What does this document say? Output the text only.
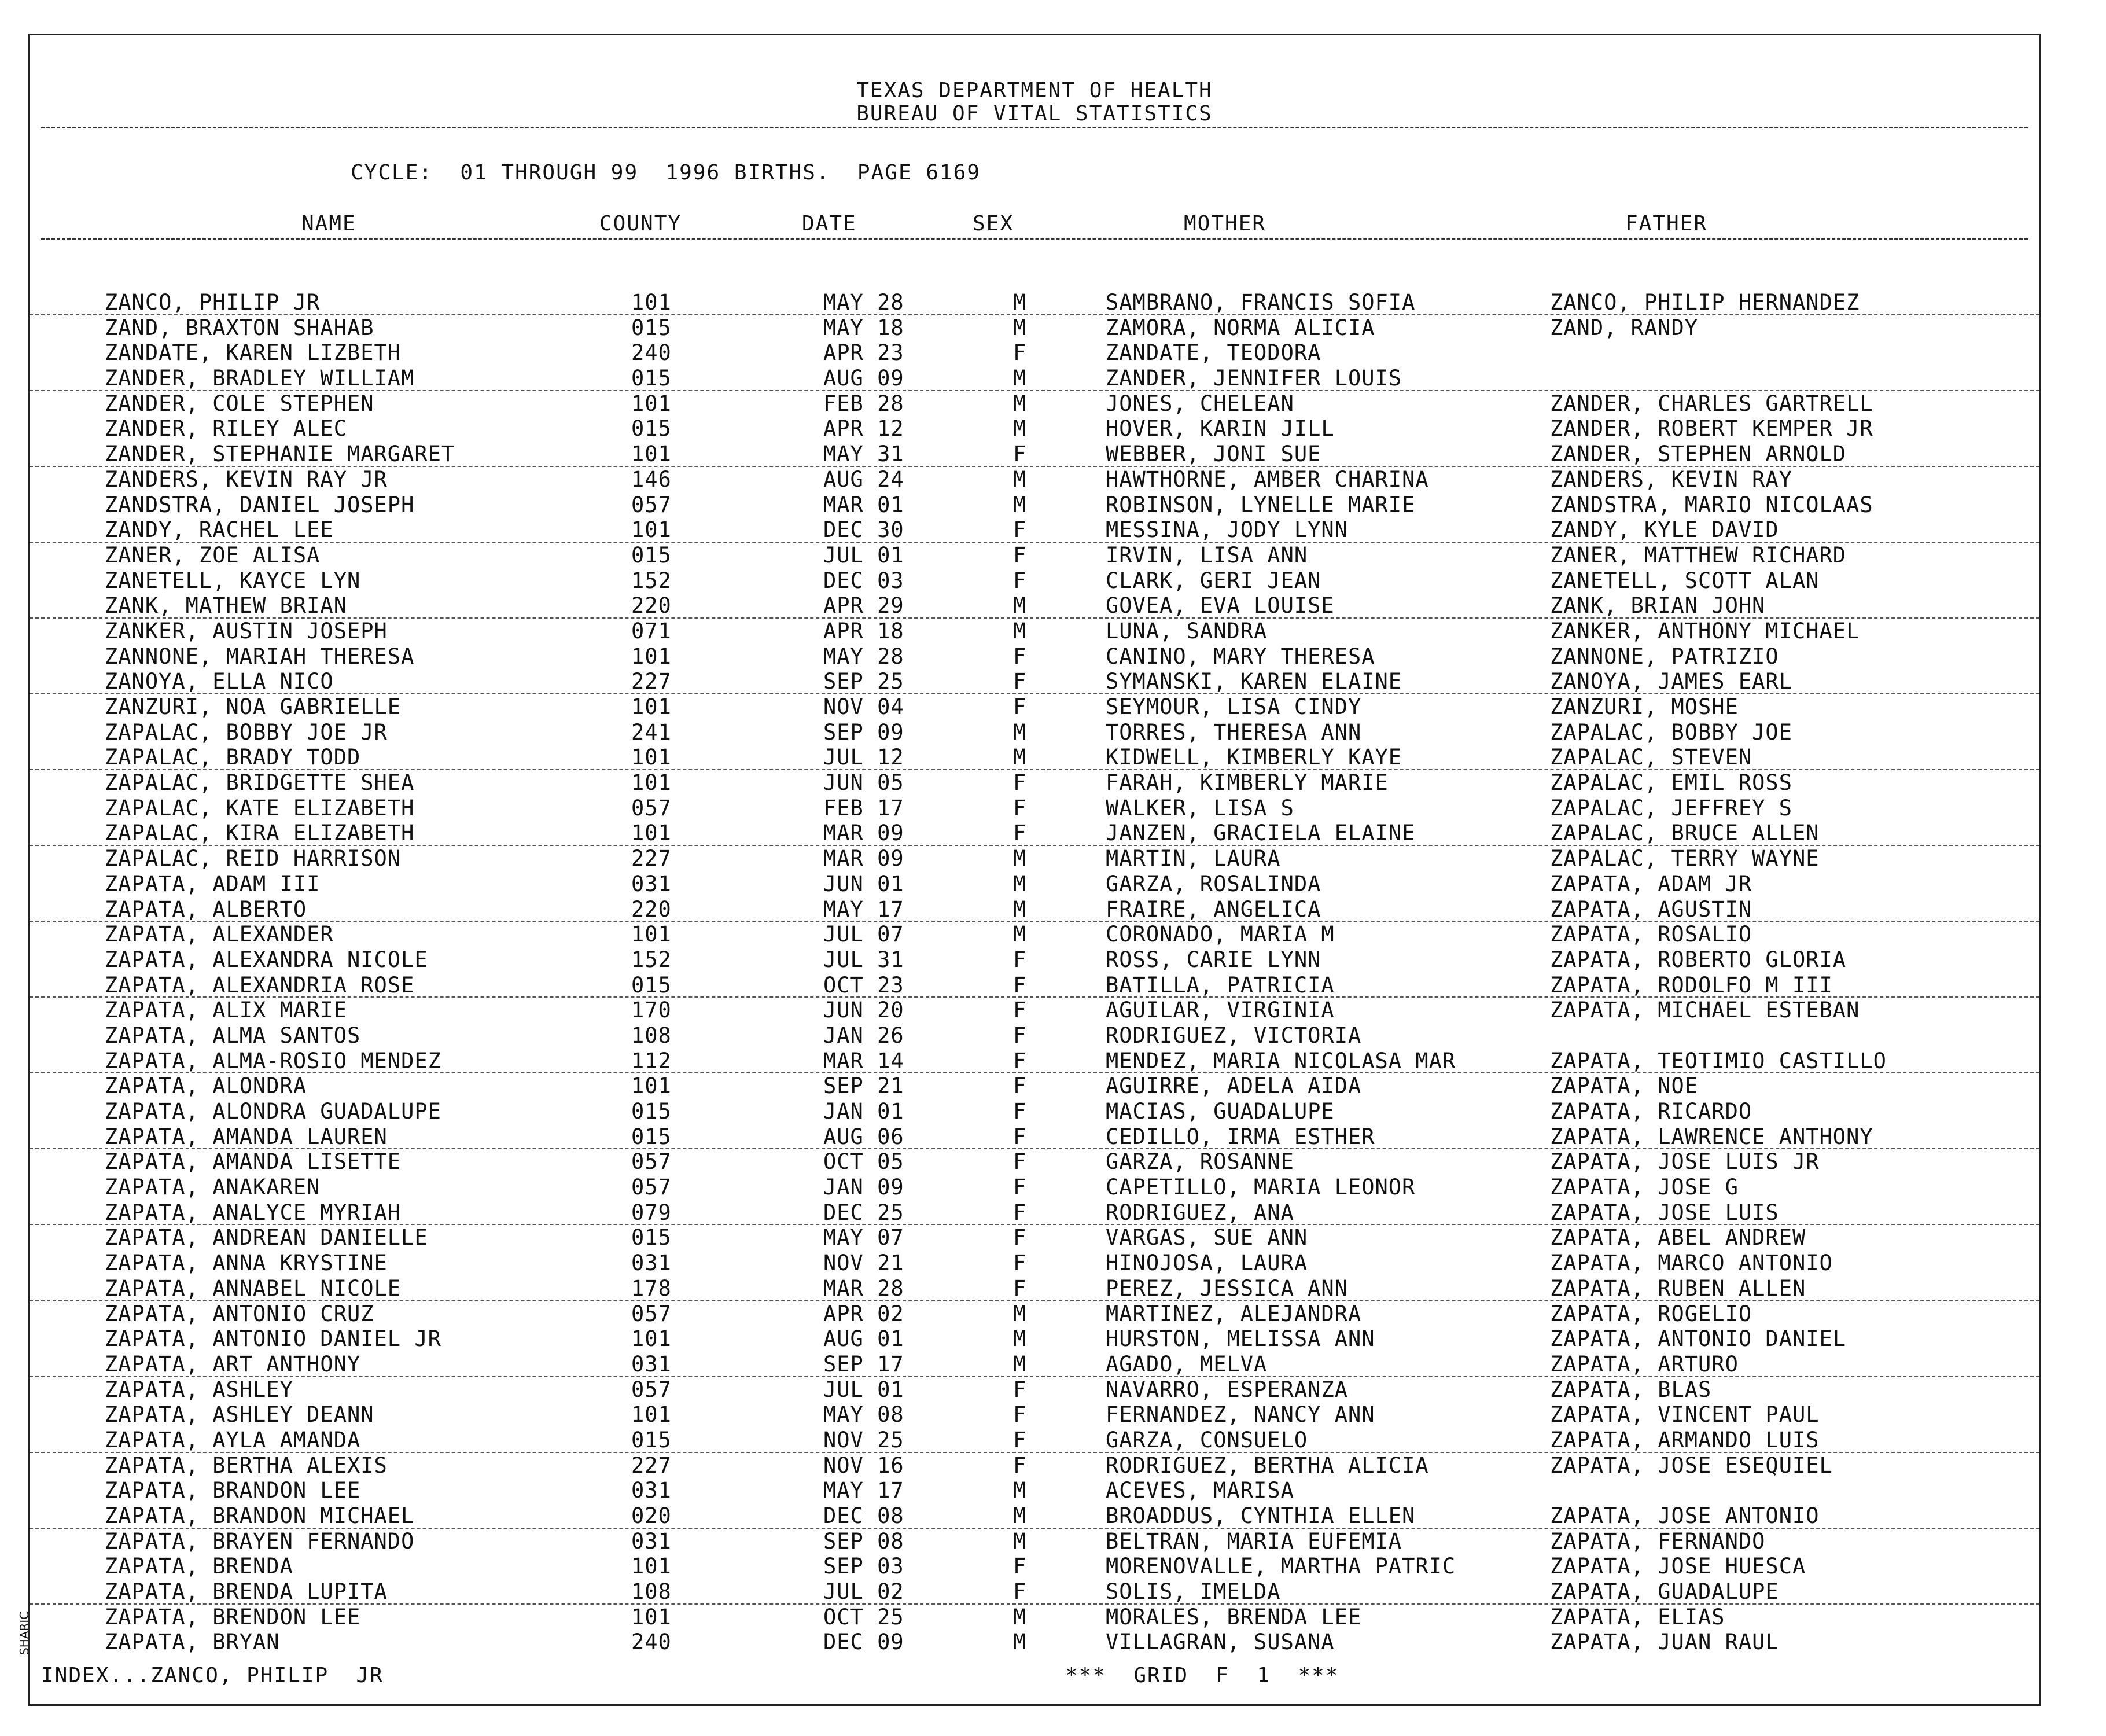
SHARIC
TEXAS DEPARTMENT OF HEALTH
BUREAU OF VITAL STATISTICS
CYCLE:  01 THROUGH 99  1996 BIRTHS.  PAGE 6169
NAME	COUNTY	DATE	SEX	MOTHER	FATHER
ZANCO, PHILIP JR	101	MAY 28	M	SAMBRANO, FRANCIS SOFIA	ZANCO, PHILIP HERNANDEZ
ZAND, BRAXTON SHAHAB	015	MAY 18	M	ZAMORA, NORMA ALICIA	ZAND, RANDY
ZANDATE, KAREN LIZBETH	240	APR 23	F	ZANDATE, TEODORA
ZANDER, BRADLEY WILLIAM	015	AUG 09	M	ZANDER, JENNIFER LOUIS
ZANDER, COLE STEPHEN	101	FEB 28	M	JONES, CHELEAN	ZANDER, CHARLES GARTRELL
ZANDER, RILEY ALEC	015	APR 12	M	HOVER, KARIN JILL	ZANDER, ROBERT KEMPER JR
ZANDER, STEPHANIE MARGARET	101	MAY 31	F	WEBBER, JONI SUE	ZANDER, STEPHEN ARNOLD
ZANDERS, KEVIN RAY JR	146	AUG 24	M	HAWTHORNE, AMBER CHARINA	ZANDERS, KEVIN RAY
ZANDSTRA, DANIEL JOSEPH	057	MAR 01	M	ROBINSON, LYNELLE MARIE	ZANDSTRA, MARIO NICOLAAS
ZANDY, RACHEL LEE	101	DEC 30	F	MESSINA, JODY LYNN	ZANDY, KYLE DAVID
ZANER, ZOE ALISA	015	JUL 01	F	IRVIN, LISA ANN	ZANER, MATTHEW RICHARD
ZANETELL, KAYCE LYN	152	DEC 03	F	CLARK, GERI JEAN	ZANETELL, SCOTT ALAN
ZANK, MATHEW BRIAN	220	APR 29	M	GOVEA, EVA LOUISE	ZANK, BRIAN JOHN
ZANKER, AUSTIN JOSEPH	071	APR 18	M	LUNA, SANDRA	ZANKER, ANTHONY MICHAEL
ZANNONE, MARIAH THERESA	101	MAY 28	F	CANINO, MARY THERESA	ZANNONE, PATRIZIO
ZANOYA, ELLA NICO	227	SEP 25	F	SYMANSKI, KAREN ELAINE	ZANOYA, JAMES EARL
ZANZURI, NOA GABRIELLE	101	NOV 04	F	SEYMOUR, LISA CINDY	ZANZURI, MOSHE
ZAPALAC, BOBBY JOE JR	241	SEP 09	M	TORRES, THERESA ANN	ZAPALAC, BOBBY JOE
ZAPALAC, BRADY TODD	101	JUL 12	M	KIDWELL, KIMBERLY KAYE	ZAPALAC, STEVEN
ZAPALAC, BRIDGETTE SHEA	101	JUN 05	F	FARAH, KIMBERLY MARIE	ZAPALAC, EMIL ROSS
ZAPALAC, KATE ELIZABETH	057	FEB 17	F	WALKER, LISA S	ZAPALAC, JEFFREY S
ZAPALAC, KIRA ELIZABETH	101	MAR 09	F	JANZEN, GRACIELA ELAINE	ZAPALAC, BRUCE ALLEN
ZAPALAC, REID HARRISON	227	MAR 09	M	MARTIN, LAURA	ZAPALAC, TERRY WAYNE
ZAPATA, ADAM III	031	JUN 01	M	GARZA, ROSALINDA	ZAPATA, ADAM JR
ZAPATA, ALBERTO	220	MAY 17	M	FRAIRE, ANGELICA	ZAPATA, AGUSTIN
ZAPATA, ALEXANDER	101	JUL 07	M	CORONADO, MARIA M	ZAPATA, ROSALIO
ZAPATA, ALEXANDRA NICOLE	152	JUL 31	F	ROSS, CARIE LYNN	ZAPATA, ROBERTO GLORIA
ZAPATA, ALEXANDRIA ROSE	015	OCT 23	F	BATILLA, PATRICIA	ZAPATA, RODOLFO M III
ZAPATA, ALIX MARIE	170	JUN 20	F	AGUILAR, VIRGINIA	ZAPATA, MICHAEL ESTEBAN
ZAPATA, ALMA SANTOS	108	JAN 26	F	RODRIGUEZ, VICTORIA
ZAPATA, ALMA-ROSIO MENDEZ	112	MAR 14	F	MENDEZ, MARIA NICOLASA MAR	ZAPATA, TEOTIMIO CASTILLO
ZAPATA, ALONDRA	101	SEP 21	F	AGUIRRE, ADELA AIDA	ZAPATA, NOE
ZAPATA, ALONDRA GUADALUPE	015	JAN 01	F	MACIAS, GUADALUPE	ZAPATA, RICARDO
ZAPATA, AMANDA LAUREN	015	AUG 06	F	CEDILLO, IRMA ESTHER	ZAPATA, LAWRENCE ANTHONY
ZAPATA, AMANDA LISETTE	057	OCT 05	F	GARZA, ROSANNE	ZAPATA, JOSE LUIS JR
ZAPATA, ANAKAREN	057	JAN 09	F	CAPETILLO, MARIA LEONOR	ZAPATA, JOSE G
ZAPATA, ANALYCE MYRIAH	079	DEC 25	F	RODRIGUEZ, ANA	ZAPATA, JOSE LUIS
ZAPATA, ANDREAN DANIELLE	015	MAY 07	F	VARGAS, SUE ANN	ZAPATA, ABEL ANDREW
ZAPATA, ANNA KRYSTINE	031	NOV 21	F	HINOJOSA, LAURA	ZAPATA, MARCO ANTONIO
ZAPATA, ANNABEL NICOLE	178	MAR 28	F	PEREZ, JESSICA ANN	ZAPATA, RUBEN ALLEN
ZAPATA, ANTONIO CRUZ	057	APR 02	M	MARTINEZ, ALEJANDRA	ZAPATA, ROGELIO
ZAPATA, ANTONIO DANIEL JR	101	AUG 01	M	HURSTON, MELISSA ANN	ZAPATA, ANTONIO DANIEL
ZAPATA, ART ANTHONY	031	SEP 17	M	AGADO, MELVA	ZAPATA, ARTURO
ZAPATA, ASHLEY	057	JUL 01	F	NAVARRO, ESPERANZA	ZAPATA, BLAS
ZAPATA, ASHLEY DEANN	101	MAY 08	F	FERNANDEZ, NANCY ANN	ZAPATA, VINCENT PAUL
ZAPATA, AYLA AMANDA	015	NOV 25	F	GARZA, CONSUELO	ZAPATA, ARMANDO LUIS
ZAPATA, BERTHA ALEXIS	227	NOV 16	F	RODRIGUEZ, BERTHA ALICIA	ZAPATA, JOSE ESEQUIEL
ZAPATA, BRANDON LEE	031	MAY 17	M	ACEVES, MARISA
ZAPATA, BRANDON MICHAEL	020	DEC 08	M	BROADDUS, CYNTHIA ELLEN	ZAPATA, JOSE ANTONIO
ZAPATA, BRAYEN FERNANDO	031	SEP 08	M	BELTRAN, MARIA EUFEMIA	ZAPATA, FERNANDO
ZAPATA, BRENDA	101	SEP 03	F	MORENOVALLE, MARTHA PATRIC	ZAPATA, JOSE HUESCA
ZAPATA, BRENDA LUPITA	108	JUL 02	F	SOLIS, IMELDA	ZAPATA, GUADALUPE
ZAPATA, BRENDON LEE	101	OCT 25	M	MORALES, BRENDA LEE	ZAPATA, ELIAS
ZAPATA, BRYAN	240	DEC 09	M	VILLAGRAN, SUSANA	ZAPATA, JUAN RAUL
INDEX...ZANCO, PHILIP  JR	***  GRID  F  1  ***
